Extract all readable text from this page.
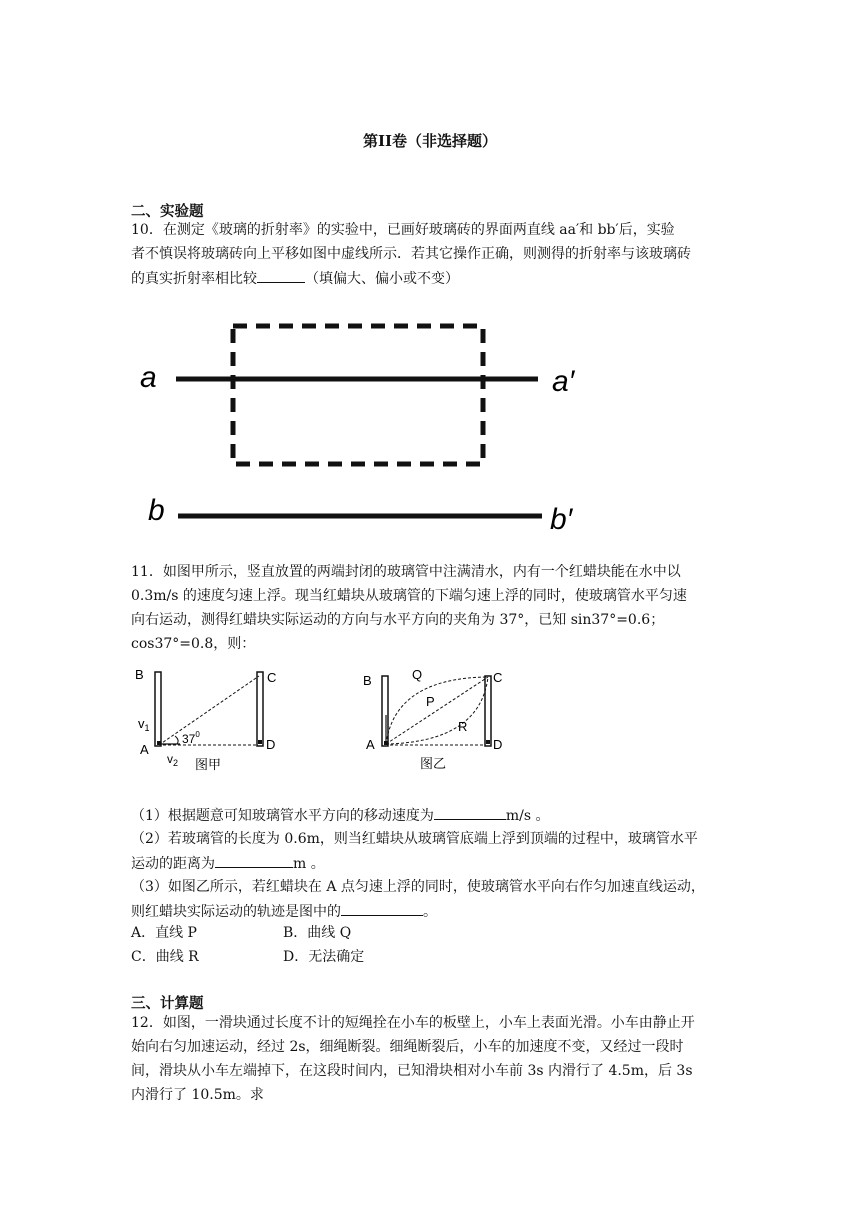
第II卷（非选择题）
二、实验题
10．在测定《玻璃的折射率》的实验中，已画好玻璃砖的界面两直线 aa′和 bb′后，实验
者不慎误将玻璃砖向上平移如图中虚线所示．若其它操作正确，则测得的折射率与该玻璃砖
的真实折射率相比较	（填偏大、偏小或不变）
a	a′
b	b′
11．如图甲所示，竖直放置的两端封闭的玻璃管中注满清水，内有一个红蜡块能在水中以
0.3m/s 的速度匀速上浮。现当红蜡块从玻璃管的下端匀速上浮的同时，使玻璃管水平匀速
向右运动，测得红蜡块实际运动的方向与水平方向的夹角为 37°，已知 sin37°=0.6；
cos37°=0.8，则：
B	C
A	D
$v_1$
$v_2$
$37^0$
图甲
B	Q	C
P
R
A	D
图乙
（1）根据题意可知玻璃管水平方向的移动速度为	m/s 。
（2）若玻璃管的长度为 0.6m，则当红蜡块从玻璃管底端上浮到顶端的过程中，玻璃管水平
运动的距离为	m 。
（3）如图乙所示，若红蜡块在 A 点匀速上浮的同时，使玻璃管水平向右作匀加速直线运动，
则红蜡块实际运动的轨迹是图中的	。
A．直线 P	B．曲线 Q
C．曲线 R	D．无法确定
三、计算题
12．如图，一滑块通过长度不计的短绳拴在小车的板壁上，小车上表面光滑。小车由静止开
始向右匀加速运动，经过 2s，细绳断裂。细绳断裂后，小车的加速度不变，又经过一段时
间，滑块从小车左端掉下，在这段时间内，已知滑块相对小车前 3s 内滑行了 4.5m，后 3s
内滑行了 10.5m。求
